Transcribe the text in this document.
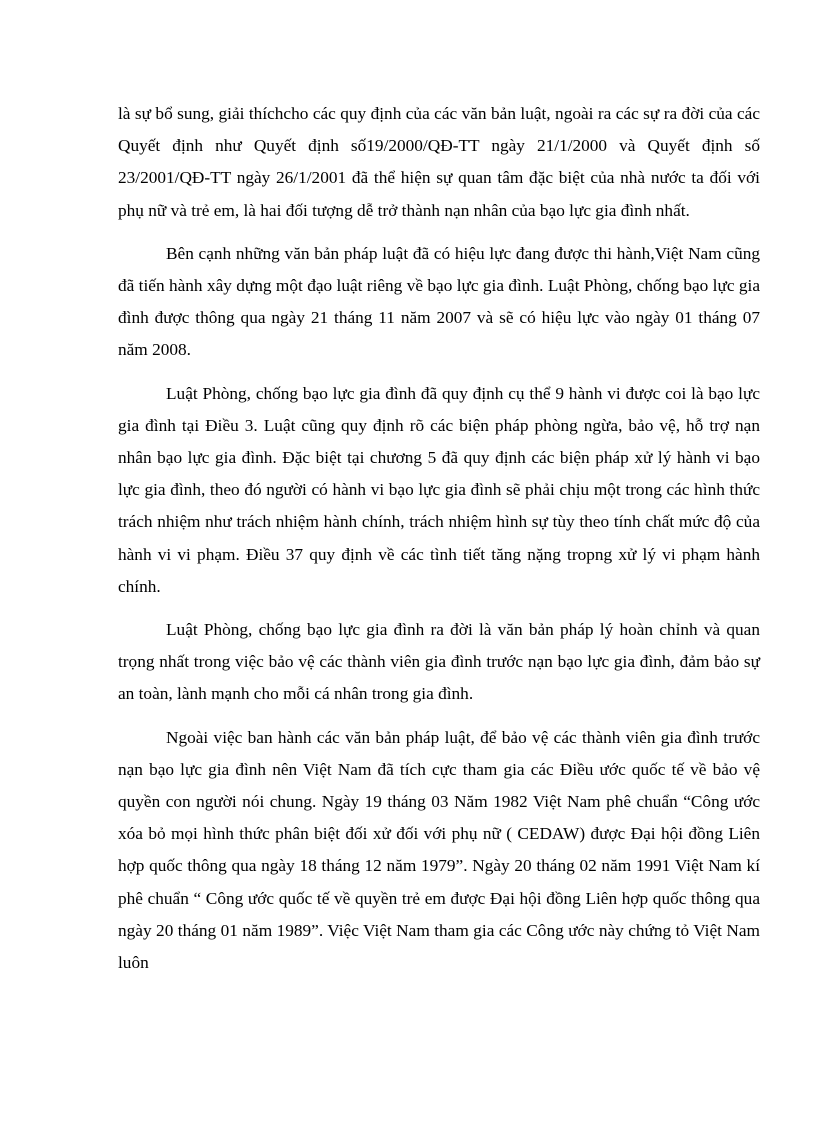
là sự bổ sung, giải thíchcho các quy định của các văn bản luật, ngoài ra các sự ra đời của các Quyết định như Quyết định số19/2000/QĐ-TT ngày 21/1/2000 và Quyết định số 23/2001/QĐ-TT ngày 26/1/2001 đã thể hiện sự quan tâm đặc biệt của nhà nước ta đối với phụ nữ và trẻ em, là hai đối tượng dễ trở thành nạn nhân của bạo lực gia đình nhất.

Bên cạnh những văn bản pháp luật đã có hiệu lực đang được thi hành,Việt Nam cũng đã tiến hành xây dựng một đạo luật riêng về bạo lực gia đình. Luật Phòng, chống bạo lực gia đình được thông qua ngày 21 tháng 11 năm 2007 và sẽ có hiệu lực vào ngày 01 tháng 07 năm 2008.

Luật Phòng, chống bạo lực gia đình đã quy định cụ thể 9 hành vi được coi là bạo lực gia đình tại Điều 3. Luật cũng quy định rõ các biện pháp phòng ngừa, bảo vệ, hỗ trợ nạn nhân bạo lực gia đình. Đặc biệt tại chương 5 đã quy định các biện pháp xử lý hành vi bạo lực gia đình, theo đó người có hành vi bạo lực gia đình sẽ phải chịu một trong các hình thức trách nhiệm như trách nhiệm hành chính, trách nhiệm hình sự tùy theo tính chất mức độ của hành vi vi phạm. Điều 37 quy định về các tình tiết tăng nặng tropng xử lý vi phạm hành chính.

Luật Phòng, chống bạo lực gia đình ra đời là văn bản pháp lý hoàn chỉnh và quan trọng nhất trong việc bảo vệ các thành viên gia đình trước nạn bạo lực gia đình, đảm bảo sự an toàn, lành mạnh cho mỗi cá nhân trong gia đình.

Ngoài việc ban hành các văn bản pháp luật, để bảo vệ các thành viên gia đình trước nạn bạo lực gia đình nên Việt Nam đã tích cực tham gia các Điều ước quốc tế về bảo vệ quyền con người nói chung. Ngày 19 tháng 03 Năm 1982 Việt Nam phê chuẩn “Công ước xóa bỏ mọi hình thức phân biệt đối xử đối với phụ nữ ( CEDAW) được Đại hội đồng Liên hợp quốc thông qua ngày 18 tháng 12 năm 1979”. Ngày 20 tháng 02 năm 1991 Việt Nam kí phê chuẩn “ Công ước quốc tế về quyền trẻ em được Đại hội đồng Liên hợp quốc thông qua ngày 20 tháng 01 năm 1989”. Việc Việt Nam tham gia các Công ước này chứng tỏ Việt Nam luôn
